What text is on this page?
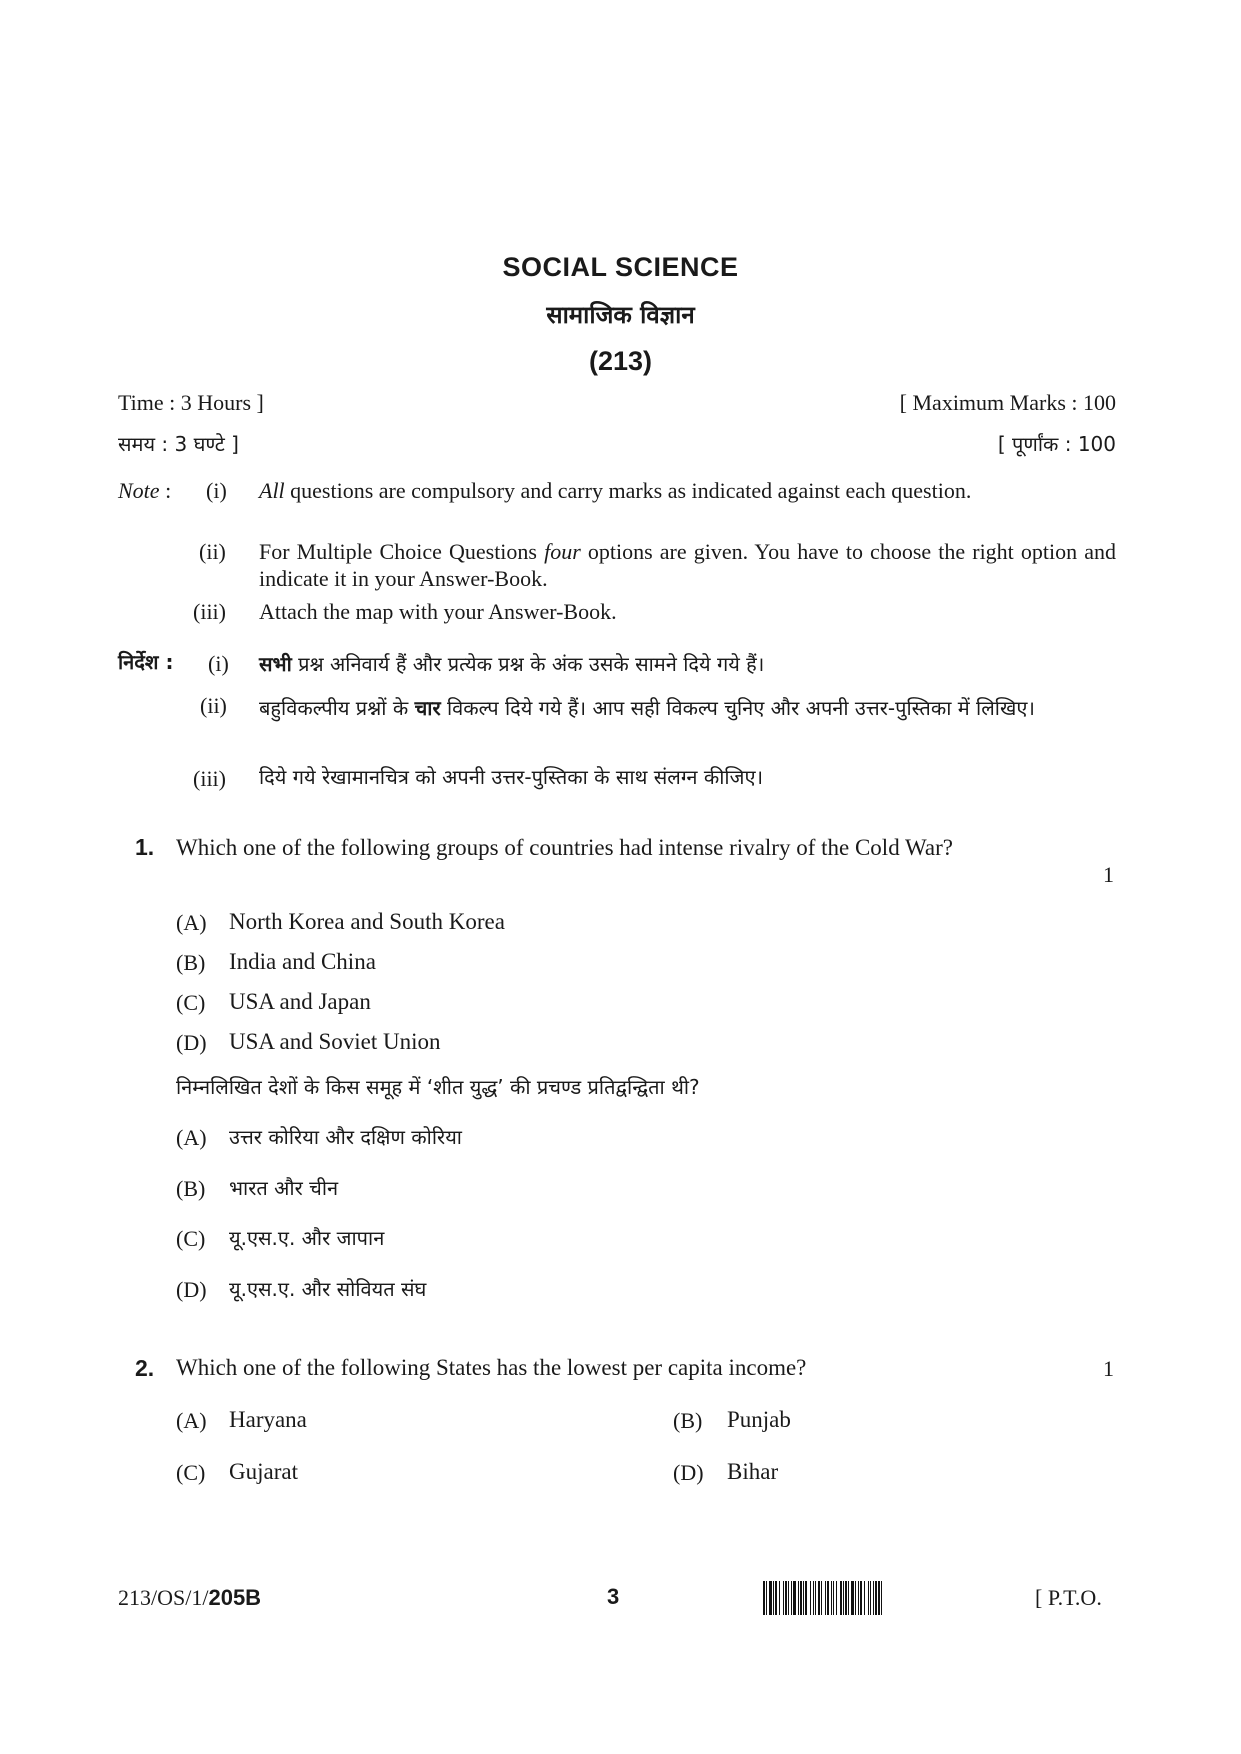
SOCIAL SCIENCE
सामाजिक विज्ञान
(213)
Time : 3 Hours ]	[ Maximum Marks : 100
समय : 3 घण्टे ]	[ पूर्णांक : 100
Note : (i) All questions are compulsory and carry marks as indicated against each question.
(ii) For Multiple Choice Questions four options are given. You have to choose the right option and indicate it in your Answer-Book.
(iii) Attach the map with your Answer-Book.
निर्देश : (i) सभी प्रश्न अनिवार्य हैं और प्रत्येक प्रश्न के अंक उसके सामने दिये गये हैं।
(ii) बहुविकल्पीय प्रश्नों के चार विकल्प दिये गये हैं। आप सही विकल्प चुनिए और अपनी उत्तर-पुस्तिका में लिखिए।
(iii) दिये गये रेखामानचित्र को अपनी उत्तर-पुस्तिका के साथ संलग्न कीजिए।
1. Which one of the following groups of countries had intense rivalry of the Cold War?
1
(A) North Korea and South Korea
(B) India and China
(C) USA and Japan
(D) USA and Soviet Union
निम्नलिखित देशों के किस समूह में ‘शीत युद्ध’ की प्रचण्ड प्रतिद्वन्द्विता थी?
(A) उत्तर कोरिया और दक्षिण कोरिया
(B) भारत और चीन
(C) यू.एस.ए. और जापान
(D) यू.एस.ए. और सोवियत संघ
2. Which one of the following States has the lowest per capita income?	1
(A) Haryana	(B) Punjab
(C) Gujarat	(D) Bihar
213/OS/1/205B	3	[ P.T.O.
